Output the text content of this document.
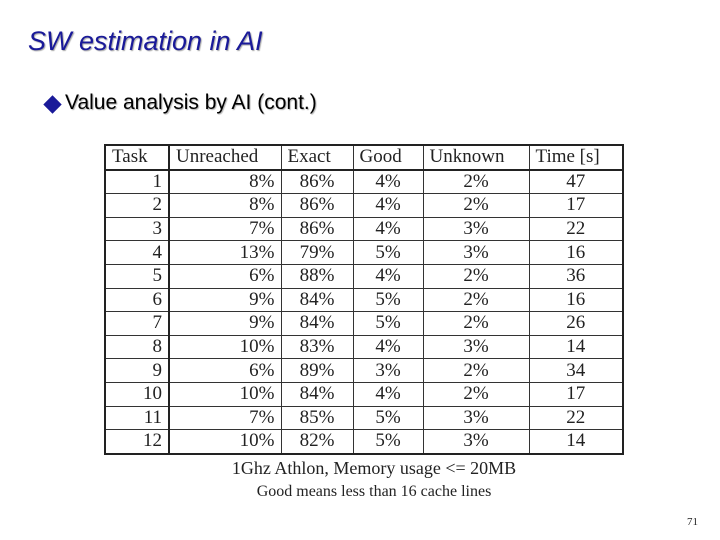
SW estimation in AI
Value analysis by AI (cont.)
Task	Unreached	Exact	Good	Unknown	Time [s]
1	8%	86%	4%	2%	47
2	8%	86%	4%	2%	17
3	7%	86%	4%	3%	22
4	13%	79%	5%	3%	16
5	6%	88%	4%	2%	36
6	9%	84%	5%	2%	16
7	9%	84%	5%	2%	26
8	10%	83%	4%	3%	14
9	6%	89%	3%	2%	34
10	10%	84%	4%	2%	17
11	7%	85%	5%	3%	22
12	10%	82%	5%	3%	14
1Ghz Athlon, Memory usage <= 20MB
Good means less than 16 cache lines
71
